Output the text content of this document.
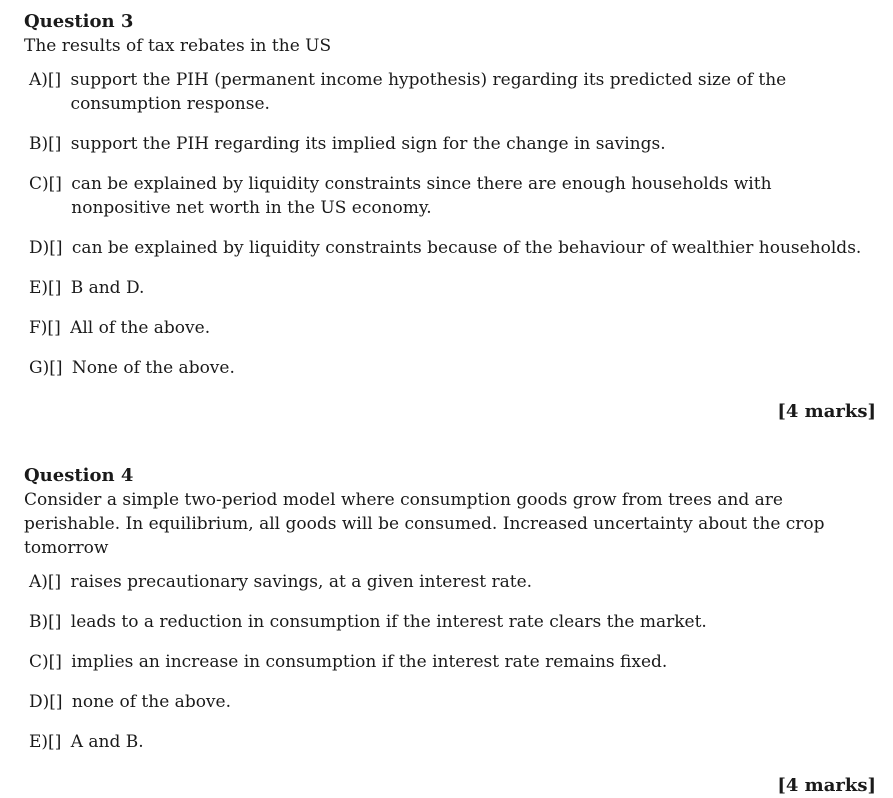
Question 3

The results of tax rebates in the US

A)[ ] support the PIH (permanent income hypothesis) regarding its predicted size of the consumption response.
B)[ ] support the PIH regarding its implied sign for the change in savings.
C)[ ] can be explained by liquidity constraints since there are enough households with nonpositive net worth in the US economy.
D)[ ] can be explained by liquidity constraints because of the behaviour of wealthier households.
E)[ ] B and D.
F)[ ] All of the above.
G)[ ] None of the above.

[4 marks]

Question 4

Consider a simple two-period model where consumption goods grow from trees and are perishable. In equilibrium, all goods will be consumed. Increased uncertainty about the crop tomorrow

A)[ ] raises precautionary savings, at a given interest rate.
B)[ ] leads to a reduction in consumption if the interest rate clears the market.
C)[ ] implies an increase in consumption if the interest rate remains fixed.
D)[ ] none of the above.
E)[ ] A and B.

[4 marks]
